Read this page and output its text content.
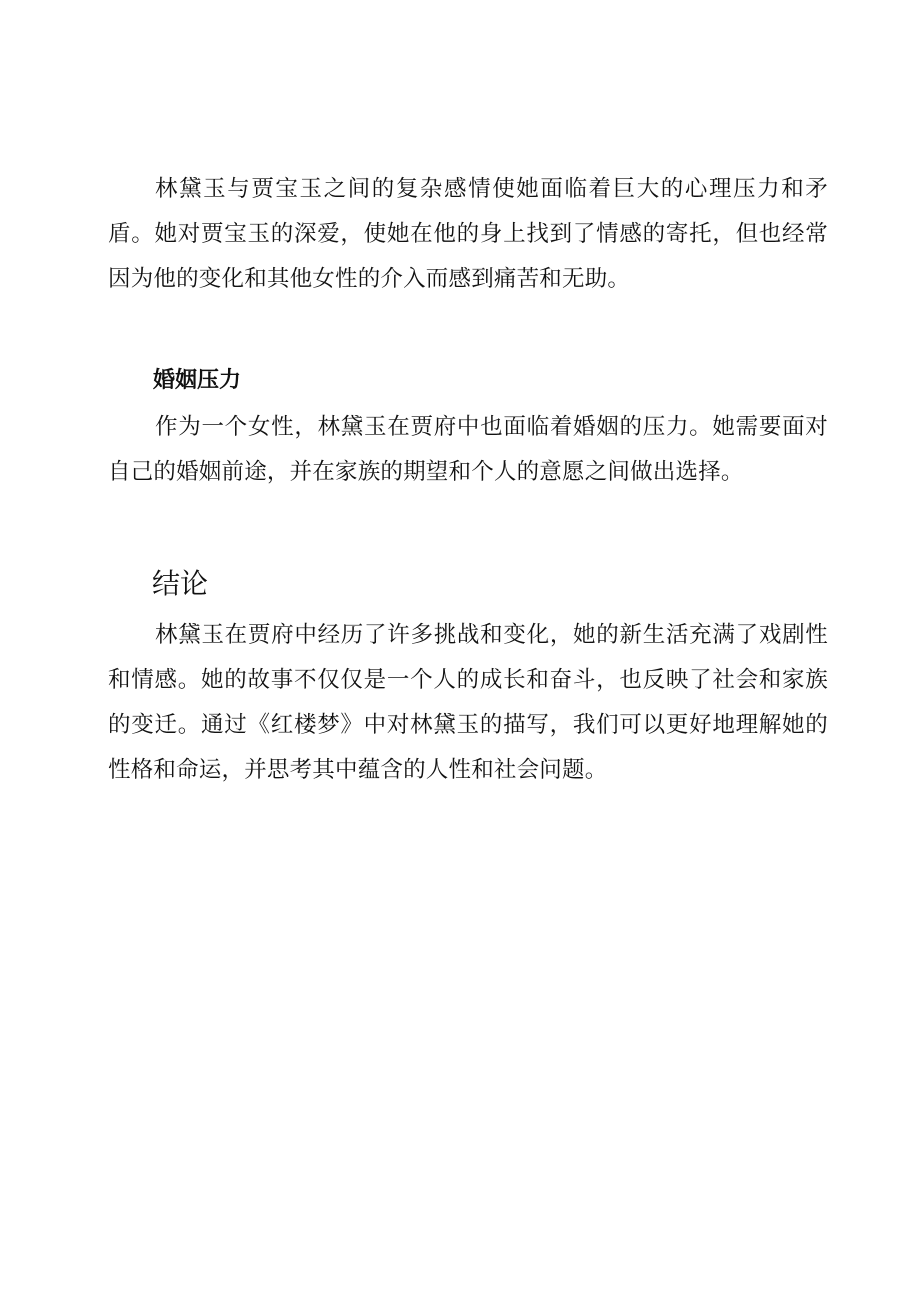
林黛玉与贾宝玉之间的复杂感情使她面临着巨大的心理压力和矛盾。她对贾宝玉的深爱，使她在他的身上找到了情感的寄托，但也经常因为他的变化和其他女性的介入而感到痛苦和无助。

婚姻压力

作为一个女性，林黛玉在贾府中也面临着婚姻的压力。她需要面对自己的婚姻前途，并在家族的期望和个人的意愿之间做出选择。

结论

林黛玉在贾府中经历了许多挑战和变化，她的新生活充满了戏剧性和情感。她的故事不仅仅是一个人的成长和奋斗，也反映了社会和家族的变迁。通过《红楼梦》中对林黛玉的描写，我们可以更好地理解她的性格和命运，并思考其中蕴含的人性和社会问题。
